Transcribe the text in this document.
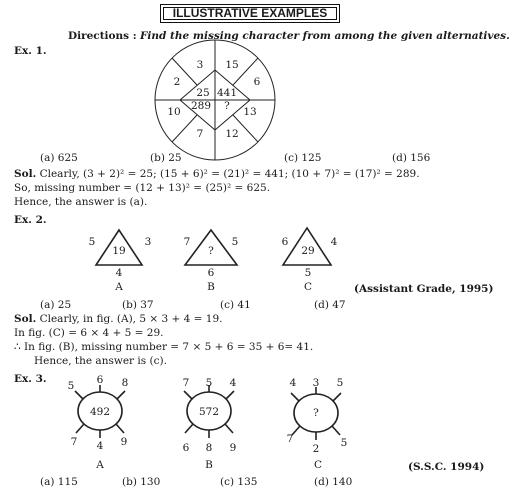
ILLUSTRATIVE EXAMPLES
Directions : Find the missing character from among the given alternatives.
Ex. 1.
3 15
6
13
12
7
10
2
25 441
?
289
5	3
19
4
A
7	5
?
6
B
6	4
29
5
C
5 6 8
492
7 4 9
A
7 5 4
572
6 8 9
B
4 3 5
?
7
2 5
C
(a) 625	(b) 25	(c) 125	(d) 156
Sol. Clearly, (3 + 2)² = 25; (15 + 6)² = (21)² = 441; (10 + 7)² = (17)² = 289.
So, missing number = (12 + 13)² = (25)² = 625.
Hence, the answer is (a).
Ex. 2.
(Assistant Grade, 1995)
(a) 25	(b) 37	(c) 41	(d) 47
Sol. Clearly, in fig. (A), 5 × 3 + 4 = 19.
In fig. (C) = 6 × 4 + 5 = 29.
∴ In fig. (B), missing number = 7 × 5 + 6 = 35 + 6= 41.
Hence, the answer is (c).
Ex. 3.
(S.S.C. 1994)
(a) 115	(b) 130	(c) 135	(d) 140
